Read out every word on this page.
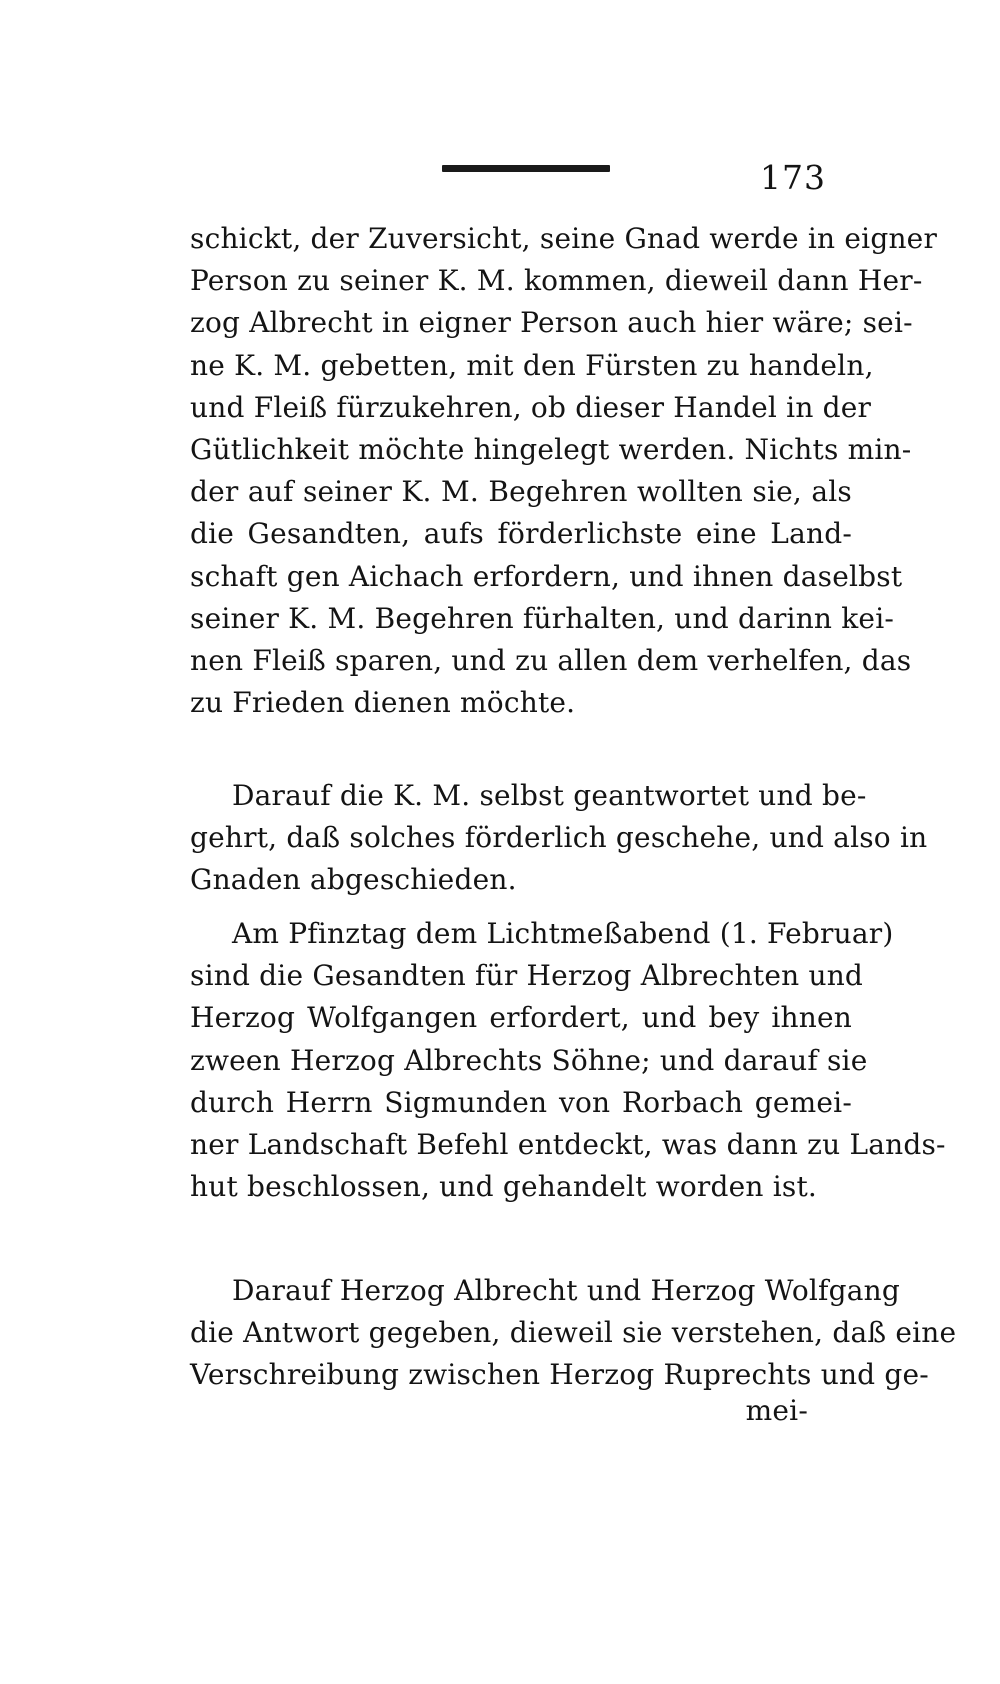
173
schickt, der Zuversicht, seine Gnad werde in eigner
Person zu seiner K. M. kommen, dieweil dann Her-
zog Albrecht in eigner Person auch hier wäre; sei-
ne K. M. gebetten, mit den Fürsten zu handeln,
und Fleiß fürzukehren, ob dieser Handel in der
Gütlichkeit möchte hingelegt werden. Nichts min-
der auf seiner K. M. Begehren wollten sie, als
die Gesandten, aufs förderlichste eine Land-
schaft gen Aichach erfordern, und ihnen daselbst
seiner K. M. Begehren fürhalten, und darinn kei-
nen Fleiß sparen, und zu allen dem verhelfen, das
zu Frieden dienen möchte.
Darauf die K. M. selbst geantwortet und be-
gehrt, daß solches förderlich geschehe, und also in
Gnaden abgeschieden.
Am Pfinztag dem Lichtmeßabend (1. Februar)
sind die Gesandten für Herzog Albrechten und
Herzog Wolfgangen erfordert, und bey ihnen
zween Herzog Albrechts Söhne; und darauf sie
durch Herrn Sigmunden von Rorbach gemei-
ner Landschaft Befehl entdeckt, was dann zu Lands-
hut beschlossen, und gehandelt worden ist.
Darauf Herzog Albrecht und Herzog Wolfgang
die Antwort gegeben, dieweil sie verstehen, daß eine
Verschreibung zwischen Herzog Ruprechts und ge-
mei-
